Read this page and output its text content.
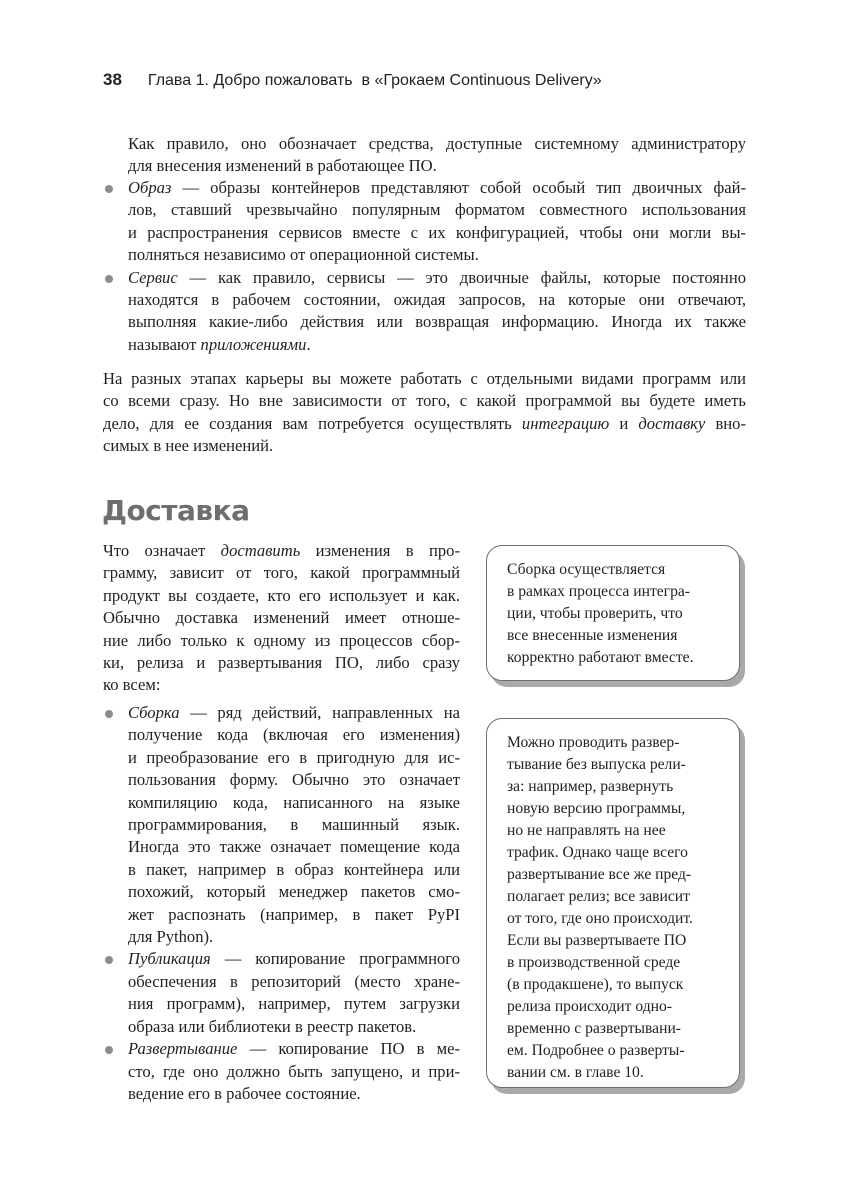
38 Глава 1. Добро пожаловать  в «Грокаем Continuous Delivery»
Как правило, оно обозначает средства, доступные системному администратору
для внесения изменений в работающее ПО.
Образ — образы контейнеров представляют собой особый тип двоичных фай-
лов, ставший чрезвычайно популярным форматом совместного использования
и распространения сервисов вместе с их конфигурацией, чтобы они могли вы-
полняться независимо от операционной системы.
Сервис — как правило, сервисы — это двоичные файлы, которые постоянно
находятся в рабочем состоянии, ожидая запросов, на которые они отвечают,
выполняя какие-либо действия или возвращая информацию. Иногда их также
называют приложениями.
На разных этапах карьеры вы можете работать с отдельными видами программ или
со всеми сразу. Но вне зависимости от того, с какой программой вы будете иметь
дело, для ее создания вам потребуется осуществлять интеграцию и доставку вно-
симых в нее изменений.
Доставка
Что означает доставить изменения в про-
грамму, зависит от того, какой программный
продукт вы создаете, кто его использует и как.
Обычно доставка изменений имеет отноше-
ние либо только к одному из процессов сбор-
ки, релиза и развертывания ПО, либо сразу
ко всем:
Сборка — ряд действий, направленных на
получение кода (включая его изменения)
и преобразование его в пригодную для ис-
пользования форму. Обычно это означает
компиляцию кода, написанного на языке
программирования, в машинный язык.
Иногда это также означает помещение кода
в пакет, например в образ контейнера или
похожий, который менеджер пакетов смо-
жет распознать (например, в пакет PyPI
для Python).
Публикация — копирование программного
обеспечения в репозиторий (место хране-
ния программ), например, путем загрузки
образа или библиотеки в реестр пакетов.
Развертывание — копирование ПО в ме-
сто, где оно должно быть запущено, и при-
ведение его в рабочее состояние.
Сборка осуществляется
в рамках процесса интегра-
ции, чтобы проверить, что
все внесенные изменения
корректно работают вместе.
Можно проводить развер-
тывание без выпуска рели-
за: например, развернуть
новую версию программы,
но не направлять на нее
трафик. Однако чаще всего
развертывание все же пред-
полагает релиз; все зависит
от того, где оно происходит.
Если вы развертываете ПО
в производственной среде
(в продакшене), то выпуск
релиза происходит одно-
временно с развертывани-
ем. Подробнее о разверты-
вании см. в главе 10.
